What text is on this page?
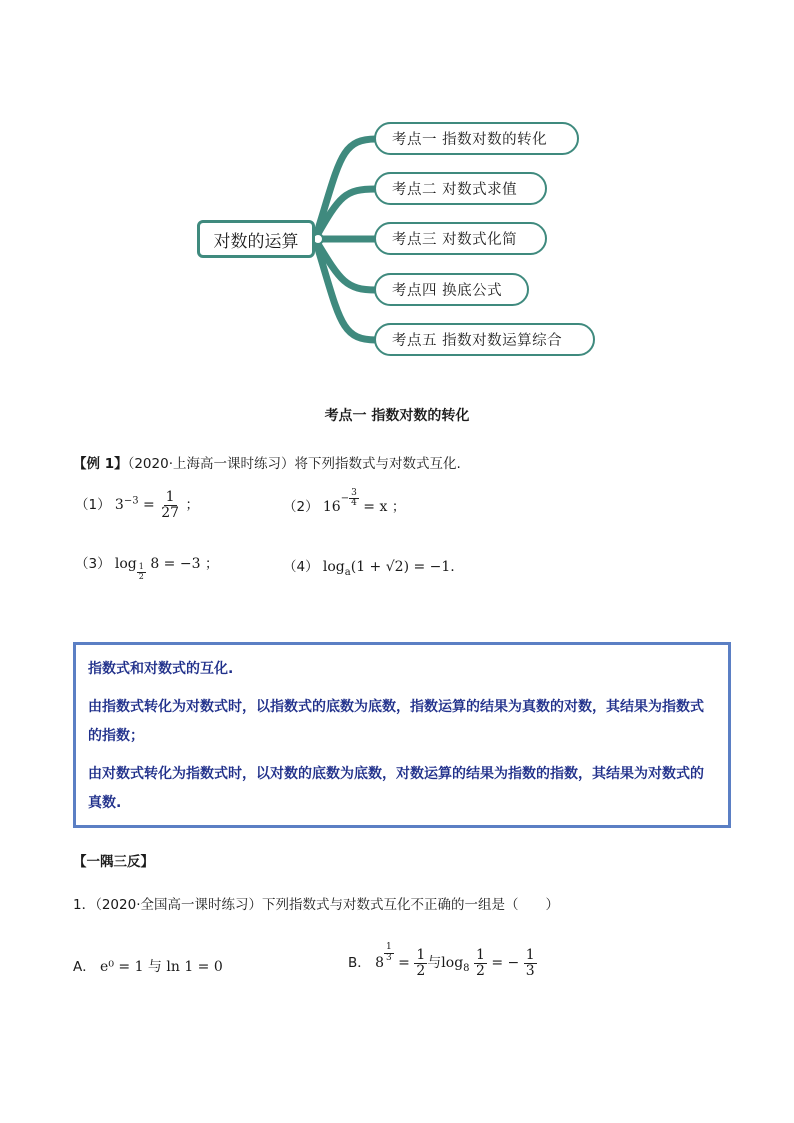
对数的运算
考点一 指数对数的转化
考点二 对数式求值
考点三 对数式化简
考点四 换底公式
考点五 指数对数运算综合
考点一 指数对数的转化
【例 1】（2020·上海高一课时练习）将下列指数式与对数式互化.
（1） $3^{-3} = \frac{1}{27}$ ；	（2） $16^{- \frac{3}{4}} = x$ ；
（3） $\log \frac{1}{2} 8 = -3$ ；	（4） $\log_a(1 + √2) = -1$.

指数式和对数式的互化.

由指数式转化为对数式时，以指数式的底数为底数，指数运算的结果为真数的对数，其结果为指数式的指数；

由对数式转化为指数式时，以对数的底数为底数，对数运算的结果为指数的指数，其结果为对数式的真数.

【一隅三反】
1．（2020·全国高一课时练习）下列指数式与对数式互化不正确的一组是（　　）
A． e⁰ = 1 与 ln 1 = 0	B． 8
$\frac{1}{3}$
= $\frac{1}{2}$ 与$\log_8 \frac{1}{2}$ = − $\frac{1}{3}$
